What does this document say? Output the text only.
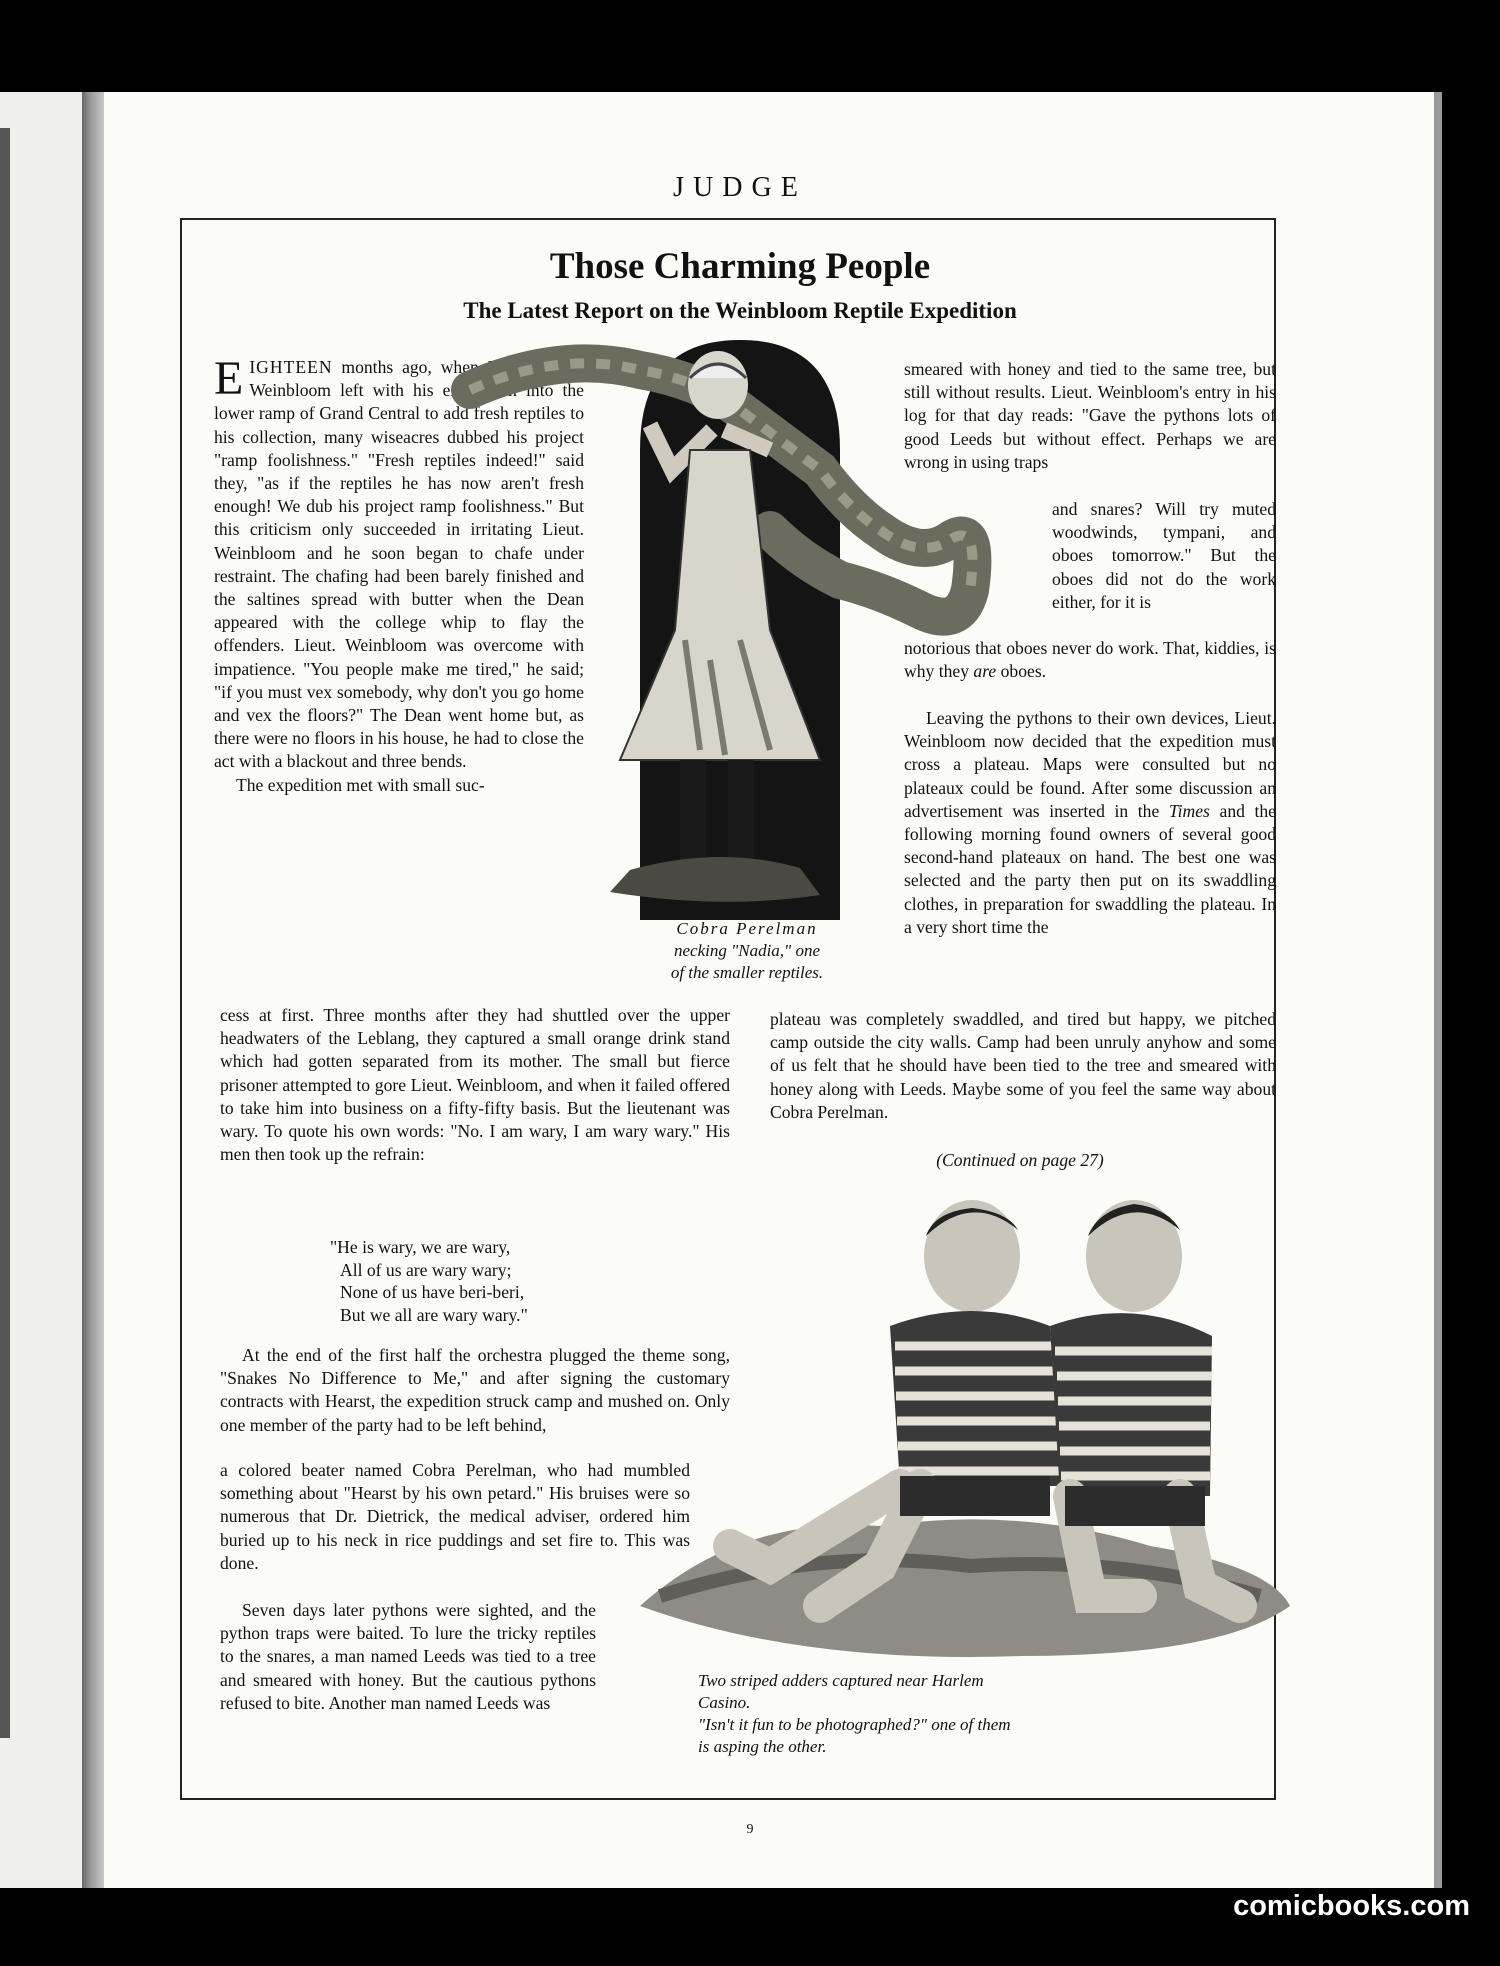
JUDGE
Those Charming People
The Latest Report on the Weinbloom Reptile Expedition

EIGHTEEN months ago, when Lieut. Buster Weinbloom left with his expedition into the lower ramp of Grand Central to add fresh reptiles to his collection, many wiseacres dubbed his project "ramp foolishness." "Fresh reptiles indeed!" said they, "as if the reptiles he has now aren't fresh enough! We dub his project ramp foolishness." But this criticism only succeeded in irritating Lieut. Weinbloom and he soon began to chafe under restraint. The chafing had been barely finished and the saltines spread with butter when the Dean appeared with the college whip to flay the offenders. Lieut. Weinbloom was overcome with impatience. "You people make me tired," he said; "if you must vex somebody, why don't you go home and vex the floors?" The Dean went home but, as there were no floors in his house, he had to close the act with a blackout and three bends.

The expedition met with small suc-

cess at first. Three months after they had shuttled over the upper headwaters of the Leblang, they captured a small orange drink stand which had gotten separated from its mother. The small but fierce prisoner attempted to gore Lieut. Weinbloom, and when it failed offered to take him into business on a fifty-fifty basis. But the lieutenant was wary. To quote his own words: "No. I am wary, I am wary wary." His men then took up the refrain:

"He is wary, we are wary,
All of us are wary wary;
None of us have beri-beri,
But we all are wary wary."

At the end of the first half the orchestra plugged the theme song, "Snakes No Difference to Me," and after signing the customary contracts with Hearst, the expedition struck camp and mushed on. Only one member of the party had to be left behind,

a colored beater named Cobra Perelman, who had mumbled something about "Hearst by his own petard." His bruises were so numerous that Dr. Dietrick, the medical adviser, ordered him buried up to his neck in rice puddings and set fire to. This was done.

Seven days later pythons were sighted, and the python traps were baited. To lure the tricky reptiles to the snares, a man named Leeds was tied to a tree and smeared with honey. But the cautious pythons refused to bite. Another man named Leeds was

smeared with honey and tied to the same tree, but still without results. Lieut. Weinbloom's entry in his log for that day reads: "Gave the pythons lots of good Leeds but without effect. Perhaps we are wrong in using traps

and snares? Will try muted woodwinds, tympani, and oboes tomorrow." But the oboes did not do the work either, for it is

notorious that oboes never do work. That, kiddies, is why they are oboes.

Leaving the pythons to their own devices, Lieut. Weinbloom now decided that the expedition must cross a plateau. Maps were consulted but no plateaux could be found. After some discussion an advertisement was inserted in the Times and the following morning found owners of several good second-hand plateaux on hand. The best one was selected and the party then put on its swaddling clothes, in preparation for swaddling the plateau. In a very short time the

plateau was completely swaddled, and tired but happy, we pitched camp outside the city walls. Camp had been unruly anyhow and some of us felt that he should have been tied to the tree and smeared with honey along with Leeds. Maybe some of you feel the same way about Cobra Perelman.

(Continued on page 27)
Cobra Perelman
necking "Nadia," one
of the smaller reptiles.
Two striped adders captured near Harlem
Casino.
"Isn't it fun to be photographed?" one of them
is asping the other.
9
comicbooks.com
